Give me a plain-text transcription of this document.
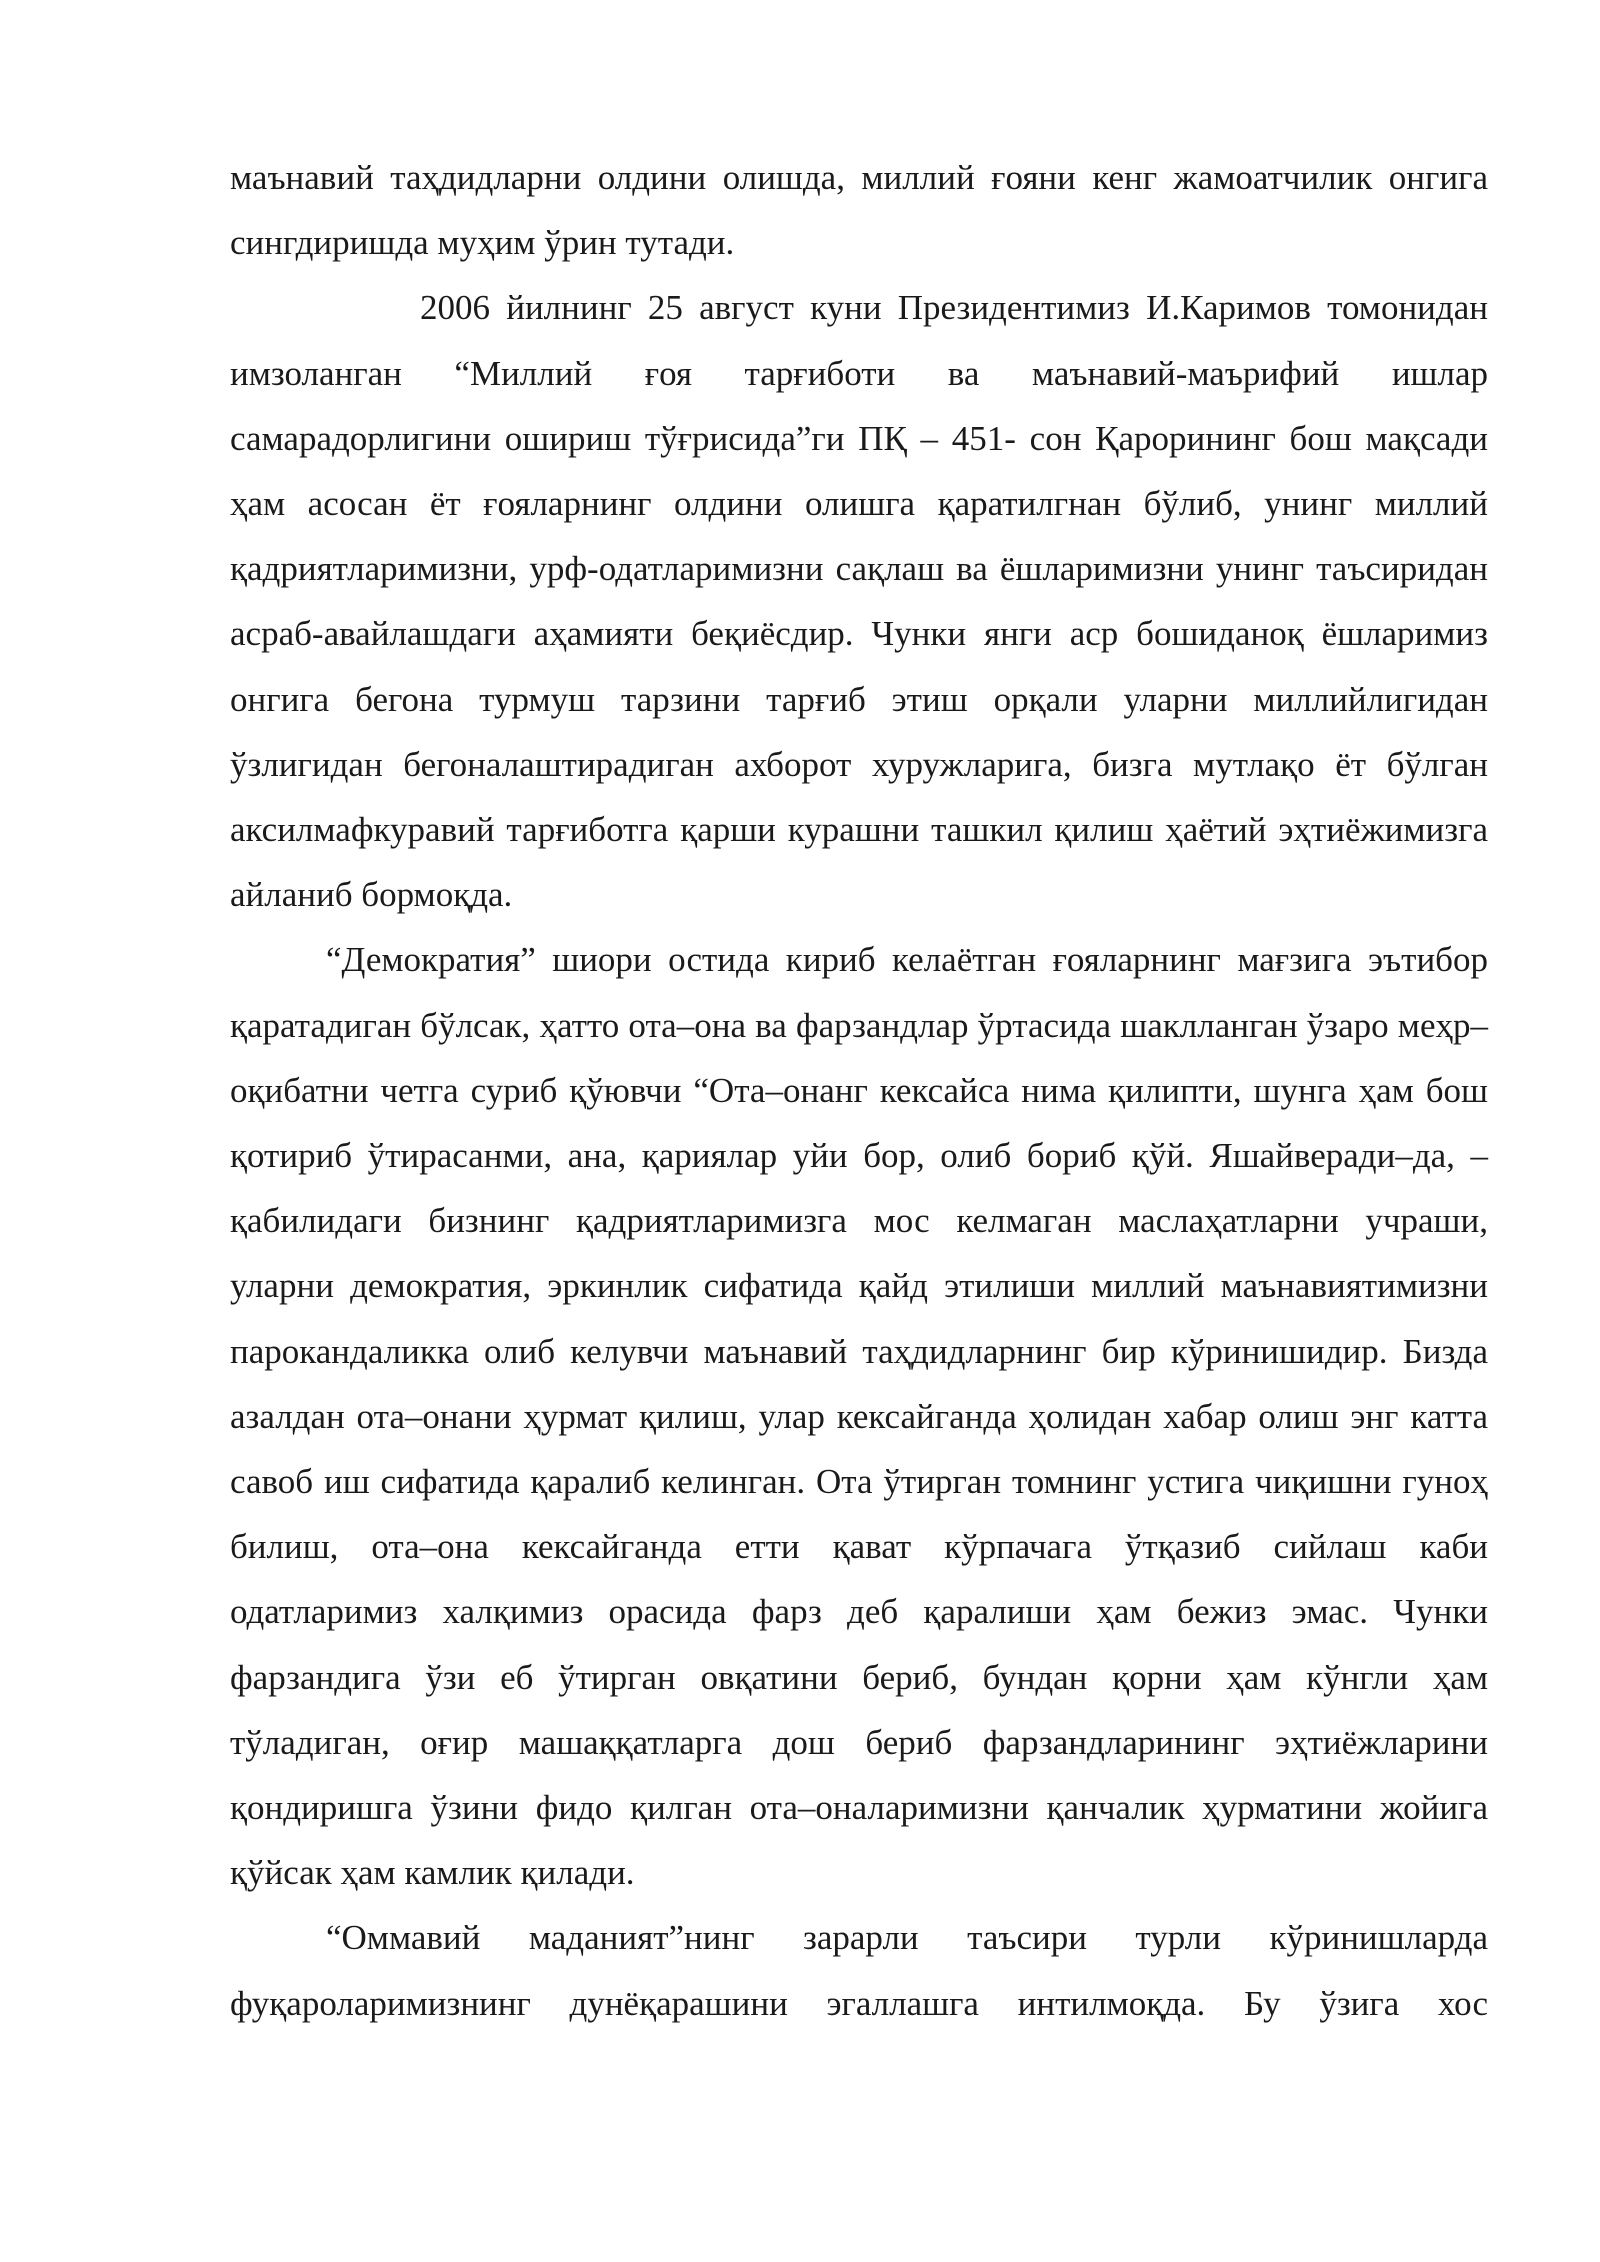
маънавий таҳдидларни олдини олишда, миллий ғояни кенг жамоатчилик онгига сингдиришда муҳим ўрин тутади.

2006 йилнинг 25 август куни Президентимиз И.Каримов томонидан имзоланган “Миллий ғоя тарғиботи ва маънавий-маърифий ишлар самарадорлигини ошириш тўғрисида”ги ПҚ – 451- сон Қарорининг бош мақсади ҳам асосан ёт ғояларнинг олдини олишга қаратилгнан бўлиб, унинг миллий қадриятларимизни, урф-одатларимизни сақлаш ва ёшларимизни унинг таъсиридан асраб-авайлашдаги аҳамияти беқиёсдир. Чунки янги аср бошиданоқ ёшларимиз онгига бегона турмуш тарзини тарғиб этиш орқали уларни миллийлигидан ўзлигидан бегоналаштирадиган ахборот хуружларига, бизга мутлақо ёт бўлган аксилмафкуравий тарғиботга қарши курашни ташкил қилиш ҳаётий эҳтиёжимизга айланиб бормоқда.

“Демократия” шиори остида кириб келаётган ғояларнинг мағзига эътибор қаратадиган бўлсак, ҳатто ота–она ва фарзандлар ўртасида шаклланган ўзаро меҳр–оқибатни четга суриб қўювчи “Ота–онанг кексайса нима қилипти, шунга ҳам бош қотириб ўтирасанми, ана, қариялар уйи бор, олиб бориб қўй. Яшайверади–да, – қабилидаги бизнинг қадриятларимизга мос келмаган маслаҳатларни учраши, уларни демократия, эркинлик сифатида қайд этилиши миллий маънавиятимизни парокандаликка олиб келувчи маънавий таҳдидларнинг бир кўринишидир. Бизда азалдан ота–онани ҳурмат қилиш, улар кексайганда ҳолидан хабар олиш энг катта савоб иш сифатида қаралиб келинган. Ота ўтирган томнинг устига чиқишни гуноҳ билиш, ота–она кексайганда етти қават кўрпачага ўтқазиб сийлаш каби одатларимиз халқимиз орасида фарз деб қаралиши ҳам бежиз эмас. Чунки фарзандига ўзи еб ўтирган овқатини бериб, бундан қорни ҳам кўнгли ҳам тўладиган, оғир машаққатларга дош бериб фарзандларининг эҳтиёжларини қондиришга ўзини фидо қилган ота–оналаримизни қанчалик ҳурматини жойига қўйсак ҳам камлик қилади.

“Оммавий маданият”нинг зарарли таъсири турли кўринишларда фуқароларимизнинг дунёқарашини эгаллашга интилмоқда. Бу ўзига хос
